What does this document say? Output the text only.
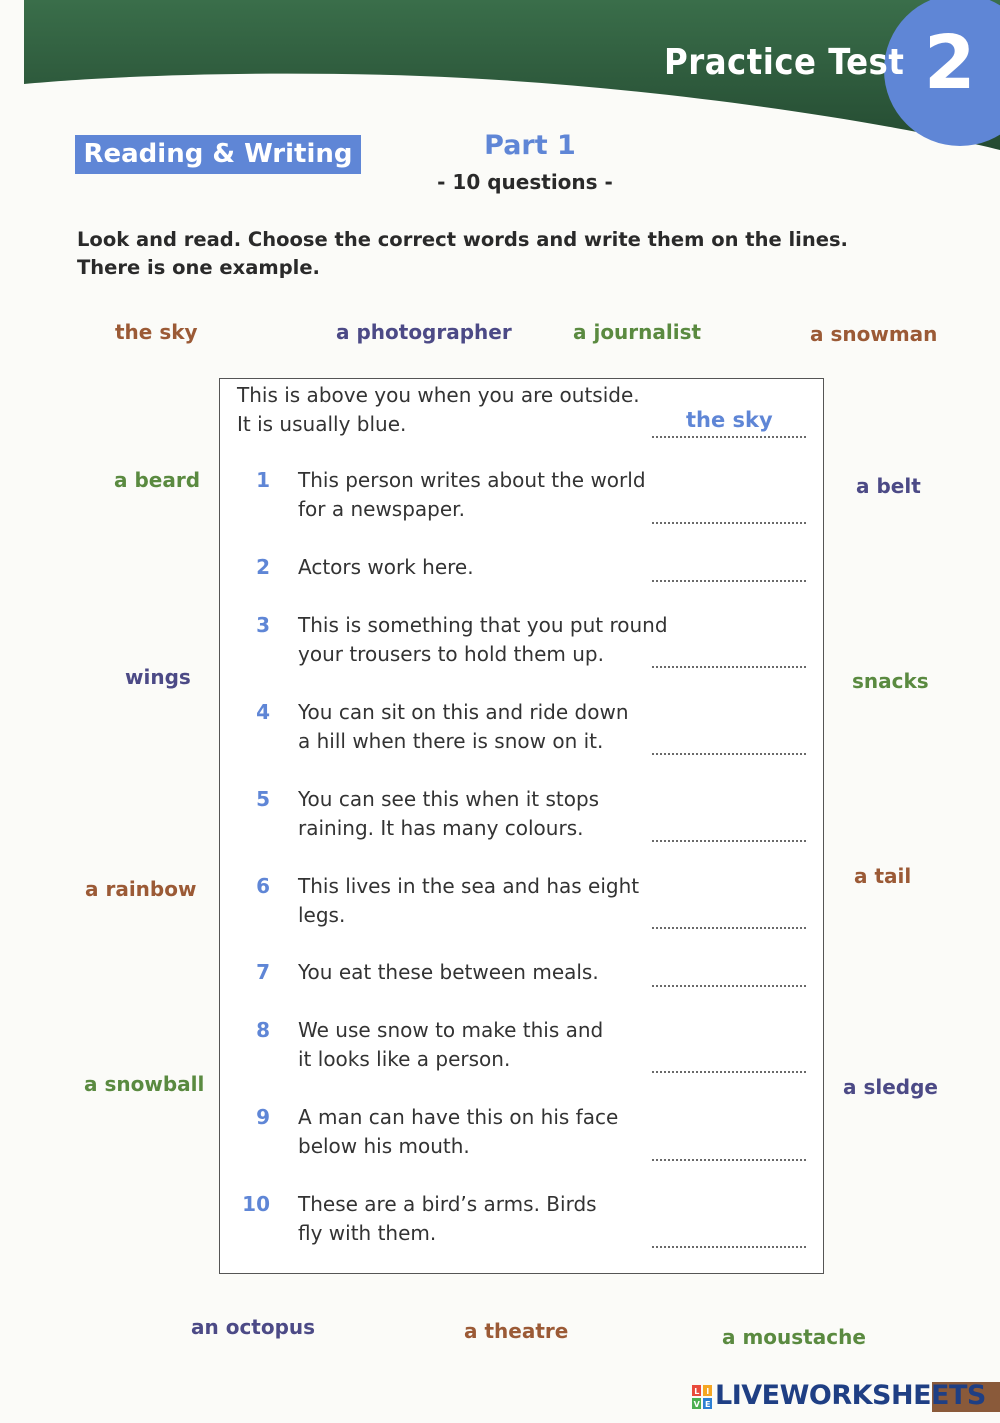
Practice Test 2
Reading & Writing	Part 1
- 10 questions -
Look and read. Choose the correct words and write them on the lines.
There is one example.
the sky	a photographer	a journalist	a snowman
a beard	a belt
wings	snacks
a rainbow
a tail
a snowball	a sledge
an octopus	a theatre	a moustache
This is above you when you are outside.
It is usually blue.	the sky
1 This person writes about the world
for a newspaper.
2 Actors work here.
3 This is something that you put round
your trousers to hold them up.
4 You can sit on this and ride down
a hill when there is snow on it.
5 You can see this when it stops
raining. It has many colours.
6 This lives in the sea and has eight
legs.
7 You eat these between meals.
8 We use snow to make this and
it looks like a person.
9 A man can have this on his face
below his mouth.
10 These are a bird’s arms. Birds
fly with them.
L I
V E LIVEWORKSHEETS
